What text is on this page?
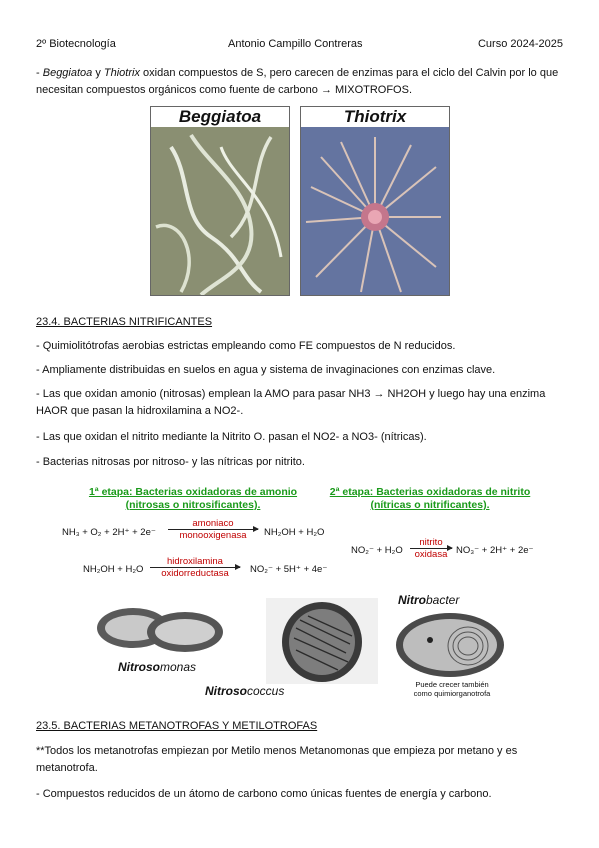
2º Biotecnología	Antonio Campillo Contreras	Curso 2024-2025
- Beggiatoa y Thiotrix oxidan compuestos de S, pero carecen de enzimas para el ciclo del Calvin por lo que necesitan compuestos orgánicos como fuente de carbono → MIXOTROFOS.
Beggiatoa	Thiotrix
23.4. BACTERIAS NITRIFICANTES
- Quimiolitótrofas aerobias estrictas empleando como FE compuestos de N reducidos.
- Ampliamente distribuidas en suelos en agua y sistema de invaginaciones con enzimas clave.
- Las que oxidan amonio (nitrosas) emplean la AMO para pasar NH3 → NH2OH y luego hay una enzima HAOR que pasan la hidroxilamina a NO2-.
- Las que oxidan el nitrito mediante la Nitrito O. pasan el NO2- a NO3- (nítricas).
- Bacterias nitrosas por nitroso- y las nítricas por nitrito.
1ª etapa: Bacterias oxidadoras de amonio
(nitrosas o nitrosificantes).
2ª etapa: Bacterias oxidadoras de nitrito
(nítricas o nitrificantes).
NH₃ + O₂ + 2H⁺ + 2e⁻
amoniaco
monooxigenasa	NH₂OH + H₂O
NH₂OH + H₂O
hidroxilamina
oxidorreductasa	NO₂⁻ + 5H⁺ + 4e⁻
NO₂⁻ + H₂O
nitrito
oxidasa NO₃⁻ + 2H⁺ + 2e⁻
Nitrosomonas
Nitrosococcus
Nitrobacter
Puede crecer también
como quimiorganotrofa
23.5. BACTERIAS METANOTROFAS Y METILOTROFAS
**Todos los metanotrofas empiezan por Metilo menos Metanomonas que empieza por metano y es metanotrofa.
- Compuestos reducidos de un átomo de carbono como únicas fuentes de energía y carbono.
